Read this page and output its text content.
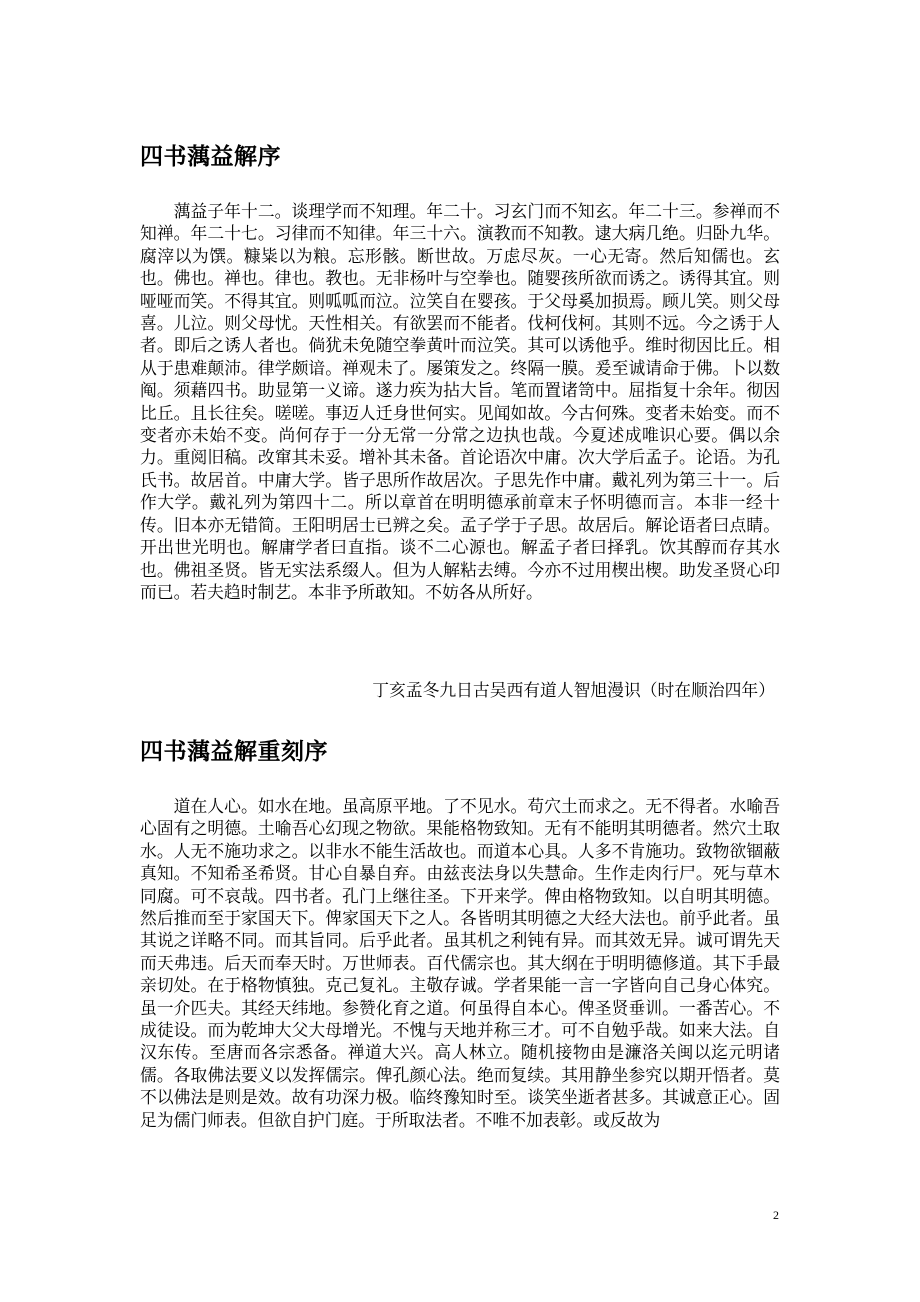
四书蕅益解序

蕅益子年十二。谈理学而不知理。年二十。习玄门而不知玄。年二十三。参禅而不知禅。年二十七。习律而不知律。年三十六。演教而不知教。逮大病几绝。归卧九华。腐滓以为馔。糠粊以为粮。忘形骸。断世故。万虑尽灰。一心无寄。然后知儒也。玄也。佛也。禅也。律也。教也。无非杨叶与空拳也。随婴孩所欲而诱之。诱得其宜。则哑哑而笑。不得其宜。则呱呱而泣。泣笑自在婴孩。于父母奚加损焉。顾儿笑。则父母喜。儿泣。则父母忧。天性相关。有欲罢而不能者。伐柯伐柯。其则不远。今之诱于人者。即后之诱人者也。倘犹未免随空拳黄叶而泣笑。其可以诱他乎。维时彻因比丘。相从于患难颠沛。律学颇谙。禅观未了。屡策发之。终隔一膜。爰至诚请命于佛。卜以数阄。须藉四书。助显第一义谛。遂力疾为拈大旨。笔而置诸笥中。屈指复十余年。彻因比丘。且长往矣。嗟嗟。事迈人迁身世何实。见闻如故。今古何殊。变者未始变。而不变者亦未始不变。尚何存于一分无常一分常之边执也哉。今夏述成唯识心要。偶以余力。重阅旧稿。改窜其未妥。增补其未备。首论语次中庸。次大学后孟子。论语。为孔氏书。故居首。中庸大学。皆子思所作故居次。子思先作中庸。戴礼列为第三十一。后作大学。戴礼列为第四十二。所以章首在明明德承前章末子怀明德而言。本非一经十传。旧本亦无错简。王阳明居士已辨之矣。孟子学于子思。故居后。解论语者曰点睛。开出世光明也。解庸学者曰直指。谈不二心源也。解孟子者曰择乳。饮其醇而存其水也。佛祖圣贤。皆无实法系缀人。但为人解粘去缚。今亦不过用楔出楔。助发圣贤心印而已。若夫趋时制艺。本非予所敢知。不妨各从所好。

丁亥孟冬九日古吴西有道人智旭漫识（时在顺治四年）

四书蕅益解重刻序

道在人心。如水在地。虽高原平地。了不见水。苟穴土而求之。无不得者。水喻吾心固有之明德。土喻吾心幻现之物欲。果能格物致知。无有不能明其明德者。然穴土取水。人无不施功求之。以非水不能生活故也。而道本心具。人多不肯施功。致物欲锢蔽真知。不知希圣希贤。甘心自暴自弃。由兹丧法身以失慧命。生作走肉行尸。死与草木同腐。可不哀哉。四书者。孔门上继往圣。下开来学。俾由格物致知。以自明其明德。然后推而至于家国天下。俾家国天下之人。各皆明其明德之大经大法也。前乎此者。虽其说之详略不同。而其旨同。后乎此者。虽其机之利钝有异。而其效无异。诚可谓先天而天弗违。后天而奉天时。万世师表。百代儒宗也。其大纲在于明明德修道。其下手最亲切处。在于格物慎独。克己复礼。主敬存诚。学者果能一言一字皆向自己身心体究。虽一介匹夫。其经天纬地。参赞化育之道。何虽得自本心。俾圣贤垂训。一番苦心。不成徒设。而为乾坤大父大母增光。不愧与天地并称三才。可不自勉乎哉。如来大法。自汉东传。至唐而各宗悉备。禅道大兴。高人林立。随机接物由是濂洛关闽以迄元明诸儒。各取佛法要义以发挥儒宗。俾孔颜心法。绝而复续。其用静坐参究以期开悟者。莫不以佛法是则是效。故有功深力极。临终豫知时至。谈笑坐逝者甚多。其诚意正心。固足为儒门师表。但欲自护门庭。于所取法者。不唯不加表彰。或反故为

2
